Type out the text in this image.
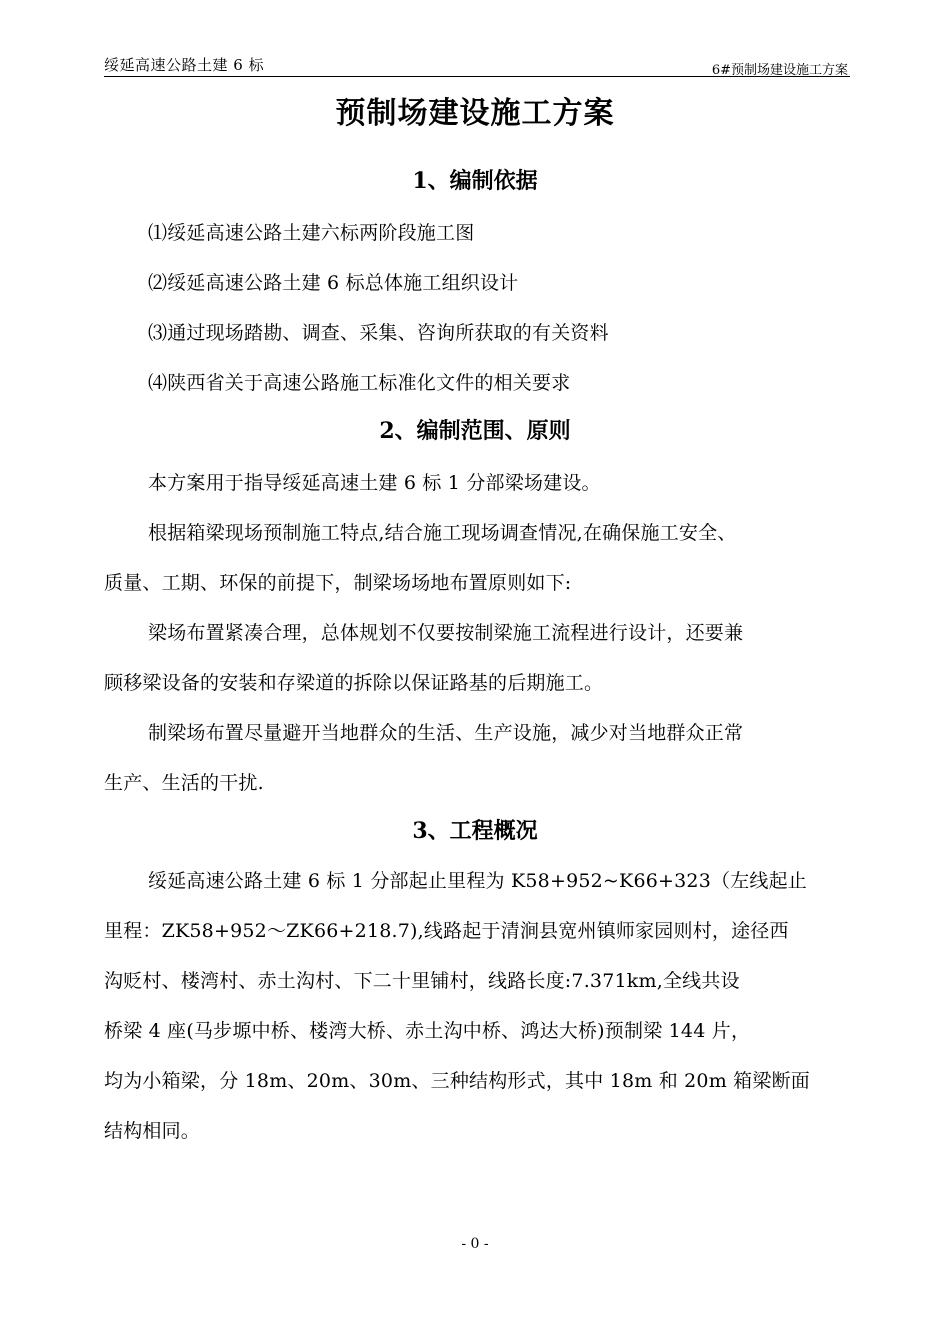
绥延高速公路土建 6 标	6#预制场建设施工方案
预制场建设施工方案
1、编制依据
⑴绥延高速公路土建六标两阶段施工图
⑵绥延高速公路土建 6 标总体施工组织设计
⑶通过现场踏勘、调查、采集、咨询所获取的有关资料
⑷陕西省关于高速公路施工标准化文件的相关要求
2、编制范围、原则
本方案用于指导绥延高速土建 6 标 1 分部梁场建设。
根据箱梁现场预制施工特点,结合施工现场调查情况,在确保施工安全、
质量、工期、环保的前提下，制梁场场地布置原则如下:
梁场布置紧凑合理，总体规划不仅要按制梁施工流程进行设计，还要兼
顾移梁设备的安装和存梁道的拆除以保证路基的后期施工。
制梁场布置尽量避开当地群众的生活、生产设施，减少对当地群众正常
生产、生活的干扰.
3、工程概况
绥延高速公路土建 6 标 1 分部起止里程为 K58+952~K66+323（左线起止
里程：ZK58+952～ZK66+218.7),线路起于清涧县宽州镇师家园则村，途径西
沟贬村、楼湾村、赤土沟村、下二十里铺村，线路长度:7.371km,全线共设
桥梁 4 座(马步塬中桥、楼湾大桥、赤土沟中桥、鸿达大桥)预制梁 144 片，
均为小箱梁，分 18m、20m、30m、三种结构形式，其中 18m 和 20m 箱梁断面
结构相同。
- 0 -
